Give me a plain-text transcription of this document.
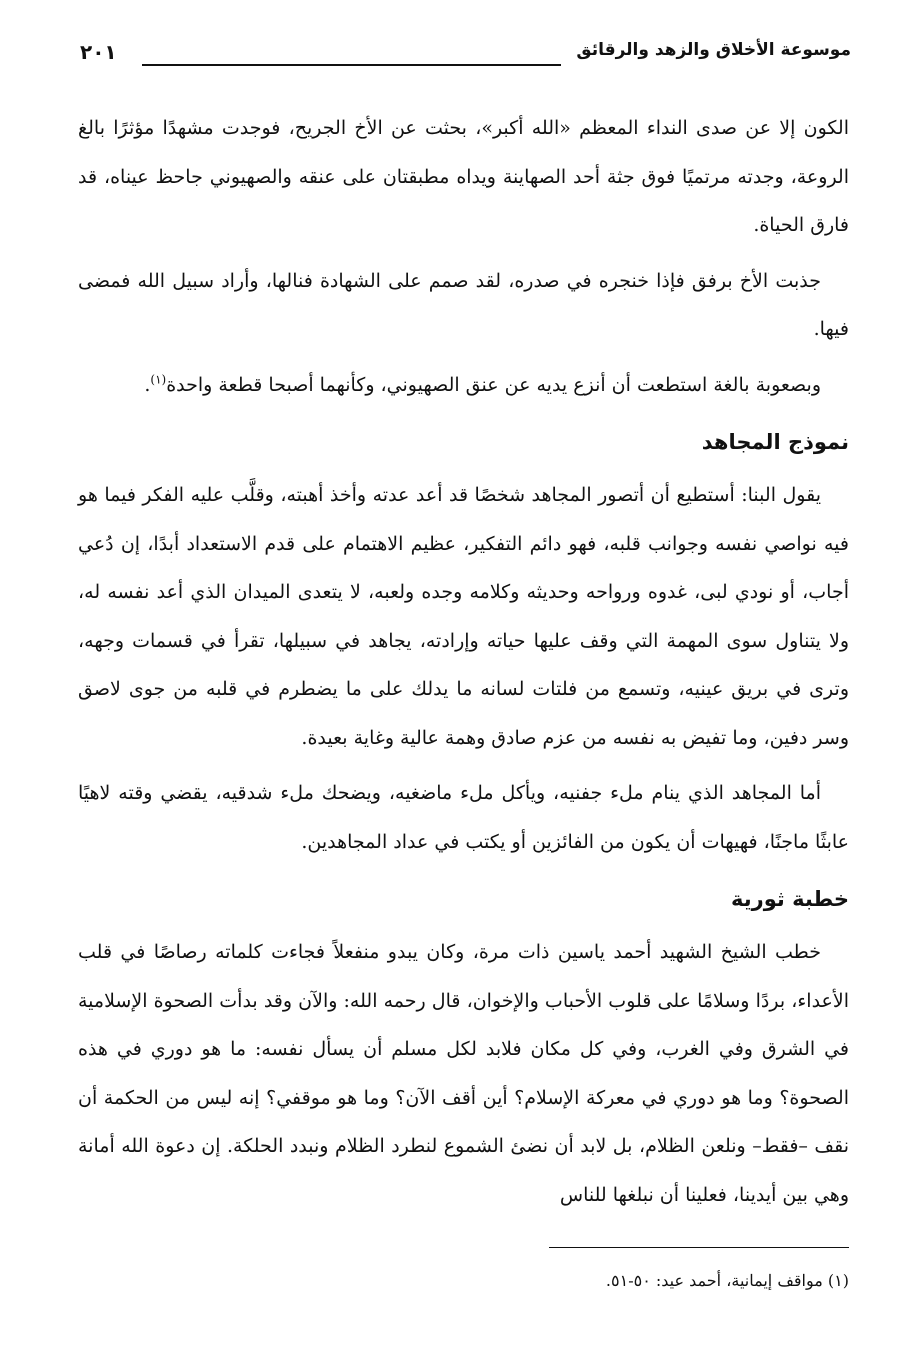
موسوعة الأخلاق والزهد والرقائق
٢٠١

الكون إلا عن صدى النداء المعظم «الله أكبر»، بحثت عن الأخ الجريح، فوجدت مشهدًا مؤثرًا بالغ الروعة، وجدته مرتميًا فوق جثة أحد الصهاينة ويداه مطبقتان على عنقه والصهيوني جاحظ عيناه، قد فارق الحياة.

جذبت الأخ برفق فإذا خنجره في صدره، لقد صمم على الشهادة فنالها، وأراد سبيل الله فمضى فيها.

وبصعوبة بالغة استطعت أن أنزع يديه عن عنق الصهيوني، وكأنهما أصبحا قطعة واحدة$^{(١)}$.

نموذج المجاهد

يقول البنا: أستطيع أن أتصور المجاهد شخصًا قد أعد عدته وأخذ أهبته، وقلَّب عليه الفكر فيما هو فيه نواصي نفسه وجوانب قلبه، فهو دائم التفكير، عظيم الاهتمام على قدم الاستعداد أبدًا، إن دُعي أجاب، أو نودي لبى، غدوه ورواحه وحديثه وكلامه وجده ولعبه، لا يتعدى الميدان الذي أعد نفسه له، ولا يتناول سوى المهمة التي وقف عليها حياته وإرادته، يجاهد في سبيلها، تقرأ في قسمات وجهه، وترى في بريق عينيه، وتسمع من فلتات لسانه ما يدلك على ما يضطرم في قلبه من جوى لاصق وسر دفين، وما تفيض به نفسه من عزم صادق وهمة عالية وغاية بعيدة.

أما المجاهد الذي ينام ملء جفنيه، ويأكل ملء ماضغيه، ويضحك ملء شدقيه، يقضي وقته لاهيًا عابثًا ماجنًا، فهيهات أن يكون من الفائزين أو يكتب في عداد المجاهدين.

خطبة ثورية

خطب الشيخ الشهيد أحمد ياسين ذات مرة، وكان يبدو منفعلاً فجاءت كلماته رصاصًا في قلب الأعداء، بردًا وسلامًا على قلوب الأحباب والإخوان، قال رحمه الله: والآن وقد بدأت الصحوة الإسلامية في الشرق وفي الغرب، وفي كل مكان فلابد لكل مسلم أن يسأل نفسه: ما هو دوري في هذه الصحوة؟ وما هو دوري في معركة الإسلام؟ أين أقف الآن؟ وما هو موقفي؟ إنه ليس من الحكمة أن نقف –فقط– ونلعن الظلام، بل لابد أن نضئ الشموع لنطرد الظلام ونبدد الحلكة. إن دعوة الله أمانة وهي بين أيدينا، فعلينا أن نبلغها للناس

(١) مواقف إيمانية، أحمد عيد: ٥٠-٥١.
